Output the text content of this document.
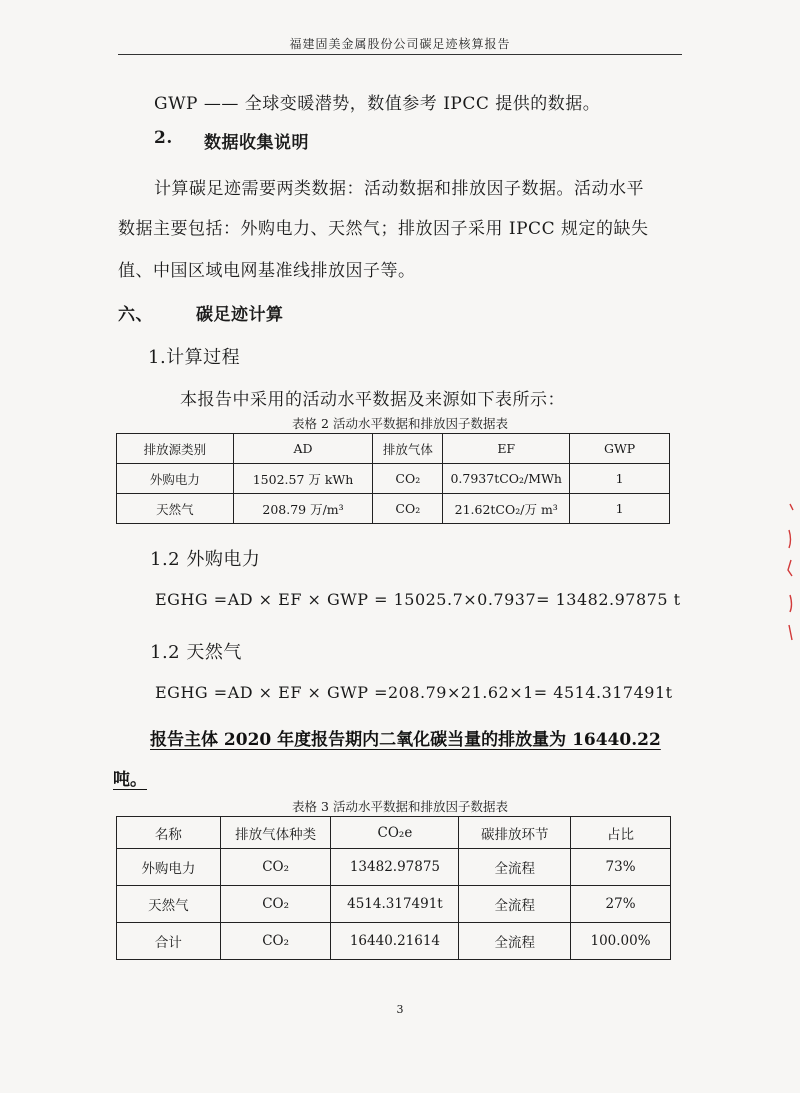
福建固美金属股份公司碳足迹核算报告
GWP —— 全球变暖潜势，数值参考 IPCC 提供的数据。
2. 数据收集说明
计算碳足迹需要两类数据：活动数据和排放因子数据。活动水平
数据主要包括：外购电力、天然气；排放因子采用 IPCC 规定的缺失
值、中国区域电网基准线排放因子等。
六、	碳足迹计算
1.计算过程
本报告中采用的活动水平数据及来源如下表所示：
表格 2 活动水平数据和排放因子数据表
排放源类别	AD	排放气体	EF	GWP
外购电力	1502.57 万 kWh	CO₂	0.7937tCO₂/MWh	1
天然气	208.79 万/m³	CO₂	21.62tCO₂/万 m³	1
1.2 外购电力
EGHG =AD × EF × GWP = 15025.7×0.7937= 13482.97875 t
1.2 天然气
EGHG =AD × EF × GWP =208.79×21.62×1= 4514.317491t
报告主体 2020 年度报告期内二氧化碳当量的排放量为 16440.22
吨。
表格 3 活动水平数据和排放因子数据表
名称	排放气体种类	CO₂e	碳排放环节	占比
外购电力	CO₂	13482.97875	全流程	73%
天然气	CO₂	4514.317491t	全流程	27%
合计	CO₂	16440.21614	全流程	100.00%
3
